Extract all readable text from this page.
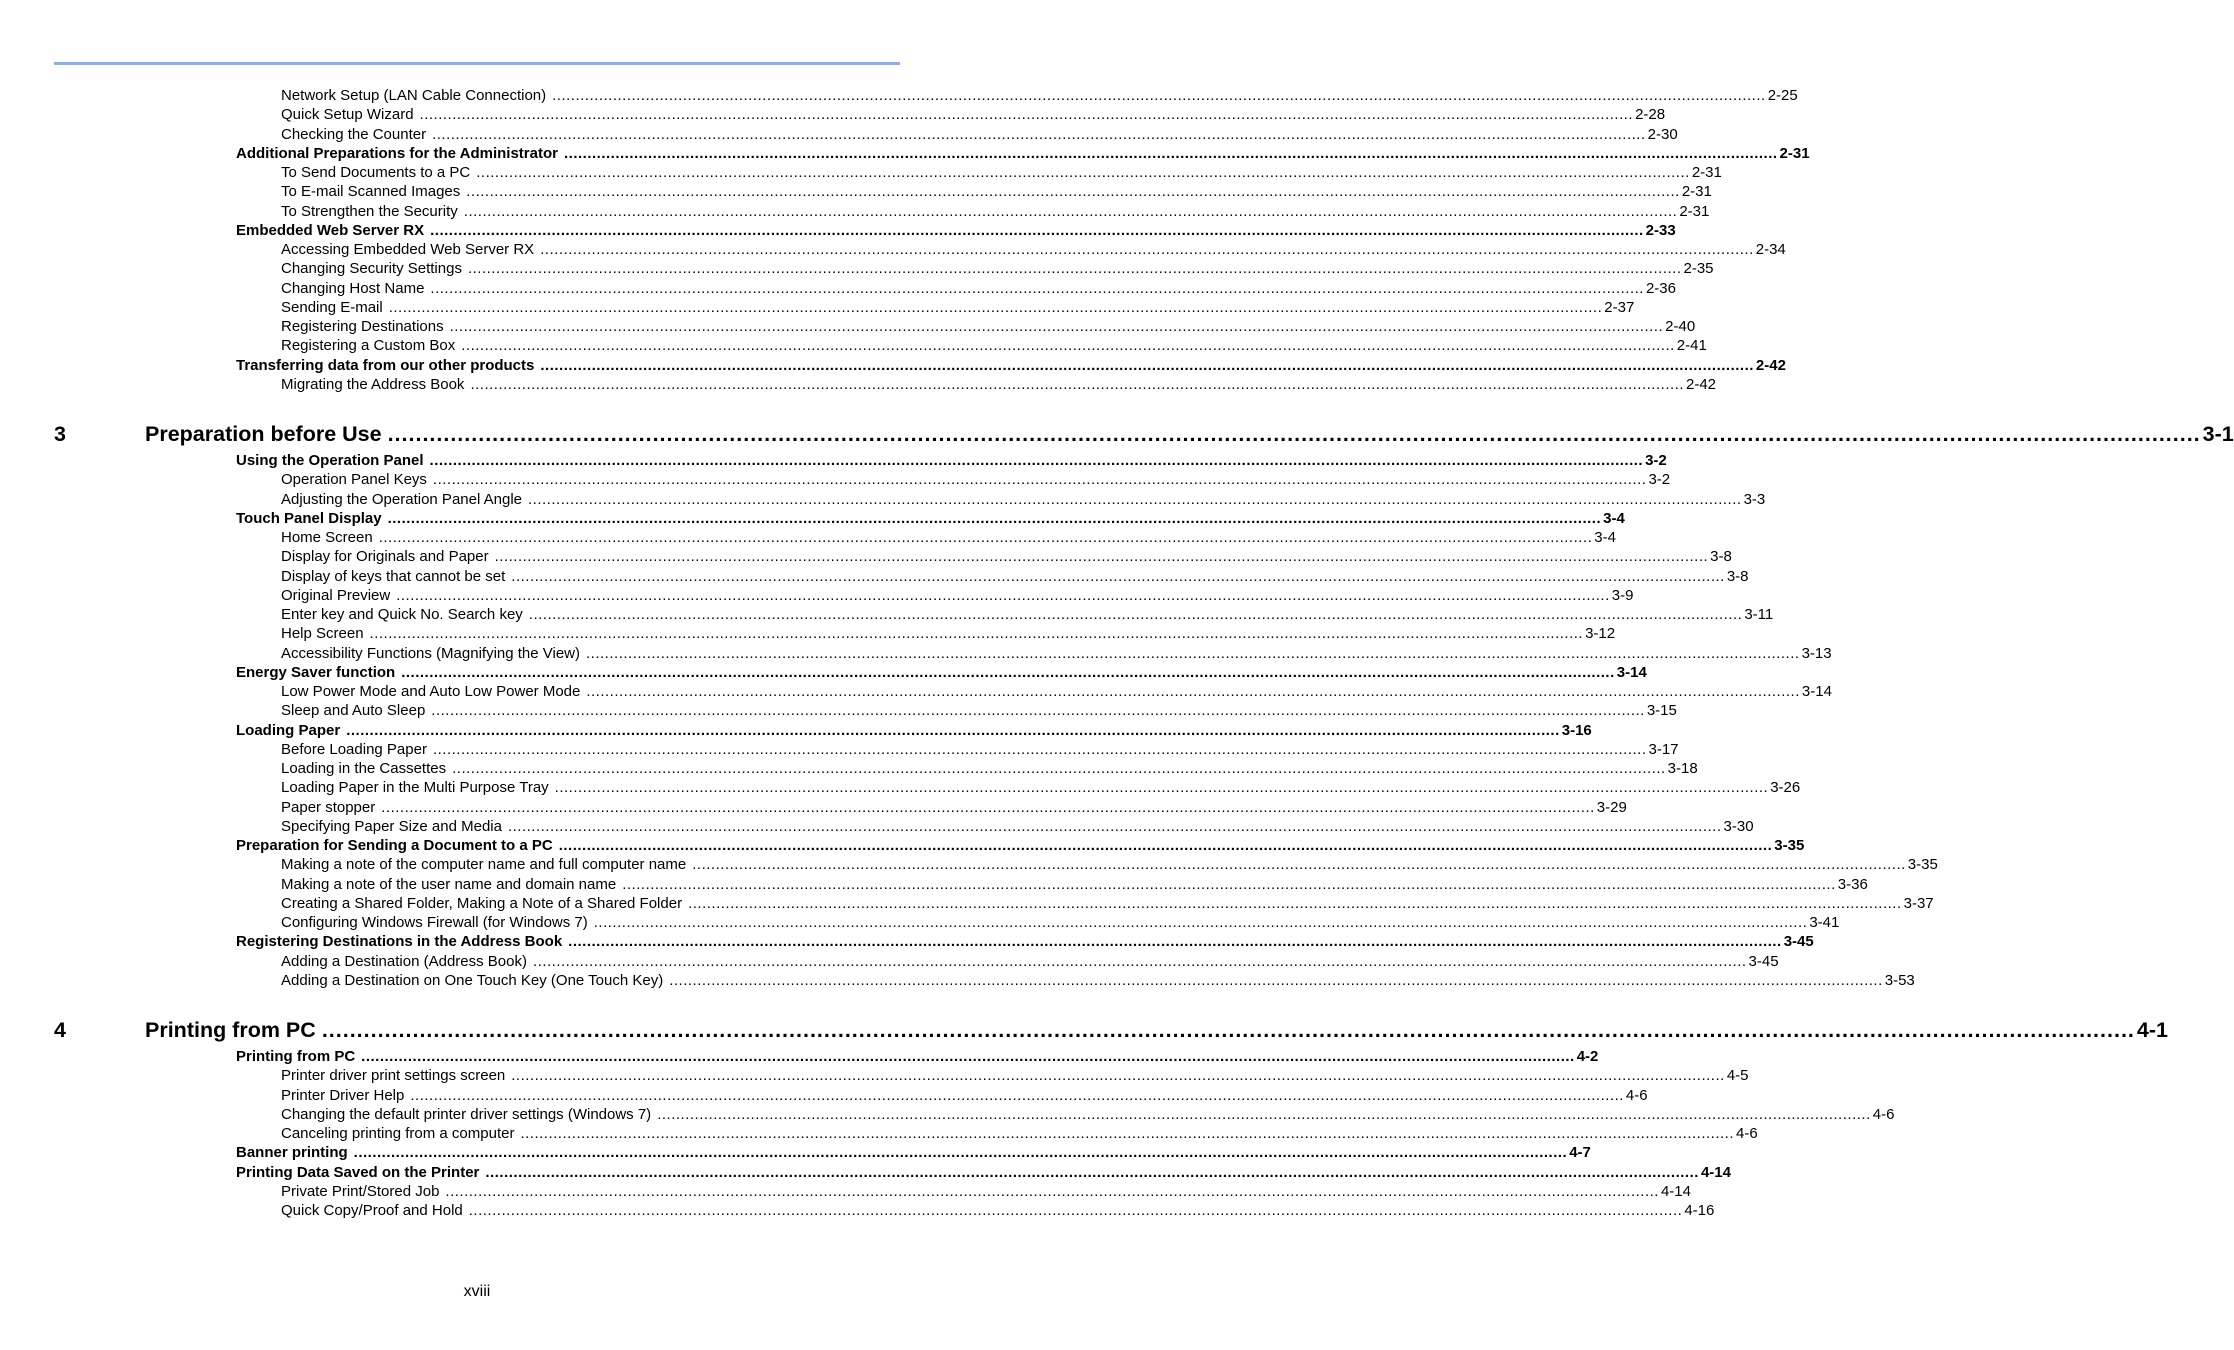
Network Setup (LAN Cable Connection) .................................................................................................................................................................................................................................................................... 2-25
Quick Setup Wizard .................................................................................................................................................................................................................................................................... 2-28
Checking the Counter .................................................................................................................................................................................................................................................................... 2-30
Additional Preparations for the Administrator .................................................................................................................................................................................................................................................................... 2-31
To Send Documents to a PC .................................................................................................................................................................................................................................................................... 2-31
To E-mail Scanned Images .................................................................................................................................................................................................................................................................... 2-31
To Strengthen the Security .................................................................................................................................................................................................................................................................... 2-31
Embedded Web Server RX .................................................................................................................................................................................................................................................................... 2-33
Accessing Embedded Web Server RX .................................................................................................................................................................................................................................................................... 2-34
Changing Security Settings .................................................................................................................................................................................................................................................................... 2-35
Changing Host Name .................................................................................................................................................................................................................................................................... 2-36
Sending E-mail .................................................................................................................................................................................................................................................................... 2-37
Registering Destinations .................................................................................................................................................................................................................................................................... 2-40
Registering a Custom Box .................................................................................................................................................................................................................................................................... 2-41
Transferring data from our other products .................................................................................................................................................................................................................................................................... 2-42
Migrating the Address Book .................................................................................................................................................................................................................................................................... 2-42
3	Preparation before Use .................................................................................................................................................................................................................................................................... 3-1
Using the Operation Panel .................................................................................................................................................................................................................................................................... 3-2
Operation Panel Keys .................................................................................................................................................................................................................................................................... 3-2
Adjusting the Operation Panel Angle .................................................................................................................................................................................................................................................................... 3-3
Touch Panel Display .................................................................................................................................................................................................................................................................... 3-4
Home Screen .................................................................................................................................................................................................................................................................... 3-4
Display for Originals and Paper .................................................................................................................................................................................................................................................................... 3-8
Display of keys that cannot be set .................................................................................................................................................................................................................................................................... 3-8
Original Preview .................................................................................................................................................................................................................................................................... 3-9
Enter key and Quick No. Search key .................................................................................................................................................................................................................................................................... 3-11
Help Screen .................................................................................................................................................................................................................................................................... 3-12
Accessibility Functions (Magnifying the View) .................................................................................................................................................................................................................................................................... 3-13
Energy Saver function .................................................................................................................................................................................................................................................................... 3-14
Low Power Mode and Auto Low Power Mode .................................................................................................................................................................................................................................................................... 3-14
Sleep and Auto Sleep .................................................................................................................................................................................................................................................................... 3-15
Loading Paper .................................................................................................................................................................................................................................................................... 3-16
Before Loading Paper .................................................................................................................................................................................................................................................................... 3-17
Loading in the Cassettes .................................................................................................................................................................................................................................................................... 3-18
Loading Paper in the Multi Purpose Tray .................................................................................................................................................................................................................................................................... 3-26
Paper stopper .................................................................................................................................................................................................................................................................... 3-29
Specifying Paper Size and Media .................................................................................................................................................................................................................................................................... 3-30
Preparation for Sending a Document to a PC .................................................................................................................................................................................................................................................................... 3-35
Making a note of the computer name and full computer name .................................................................................................................................................................................................................................................................... 3-35
Making a note of the user name and domain name .................................................................................................................................................................................................................................................................... 3-36
Creating a Shared Folder, Making a Note of a Shared Folder .................................................................................................................................................................................................................................................................... 3-37
Configuring Windows Firewall (for Windows 7) .................................................................................................................................................................................................................................................................... 3-41
Registering Destinations in the Address Book .................................................................................................................................................................................................................................................................... 3-45
Adding a Destination (Address Book) .................................................................................................................................................................................................................................................................... 3-45
Adding a Destination on One Touch Key (One Touch Key) .................................................................................................................................................................................................................................................................... 3-53
4	Printing from PC .................................................................................................................................................................................................................................................................... 4-1
Printing from PC .................................................................................................................................................................................................................................................................... 4-2
Printer driver print settings screen .................................................................................................................................................................................................................................................................... 4-5
Printer Driver Help .................................................................................................................................................................................................................................................................... 4-6
Changing the default printer driver settings (Windows 7) .................................................................................................................................................................................................................................................................... 4-6
Canceling printing from a computer .................................................................................................................................................................................................................................................................... 4-6
Banner printing .................................................................................................................................................................................................................................................................... 4-7
Printing Data Saved on the Printer .................................................................................................................................................................................................................................................................... 4-14
Private Print/Stored Job .................................................................................................................................................................................................................................................................... 4-14
Quick Copy/Proof and Hold .................................................................................................................................................................................................................................................................... 4-16
xviii
